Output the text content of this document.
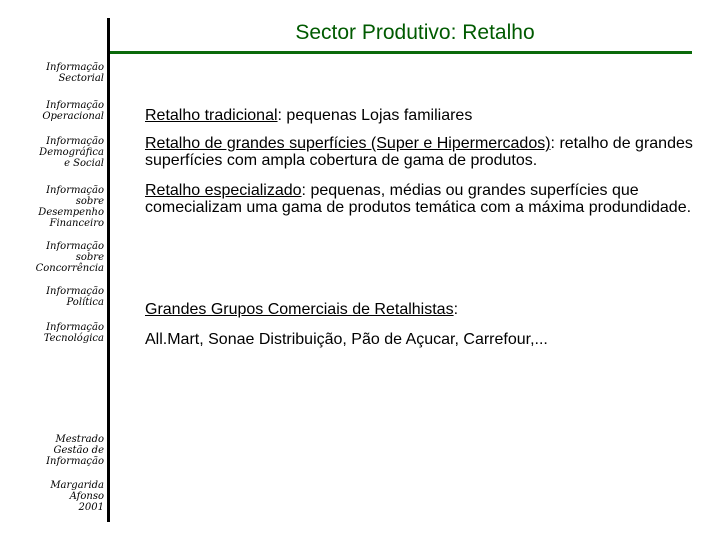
Sector Produtivo: Retalho
Informação
Sectorial
Informação
Operacional
Informação
Demográfica
e Social
Informação
sobre
Desempenho
Financeiro
Informação
sobre
Concorrência
Informação
Política
Informação
Tecnológica
Mestrado
Gestão de
Informação
Margarida
Afonso
2001
Retalho tradicional: pequenas Lojas familiares
Retalho de grandes superfícies (Super e Hipermercados): retalho de grandes superfícies com ampla cobertura de gama de produtos.
Retalho especializado: pequenas, médias ou grandes superfícies que comecializam uma gama de produtos temática com a máxima produndidade.
Grandes Grupos Comerciais de Retalhistas:
All.Mart, Sonae Distribuição, Pão de Açucar, Carrefour,...
